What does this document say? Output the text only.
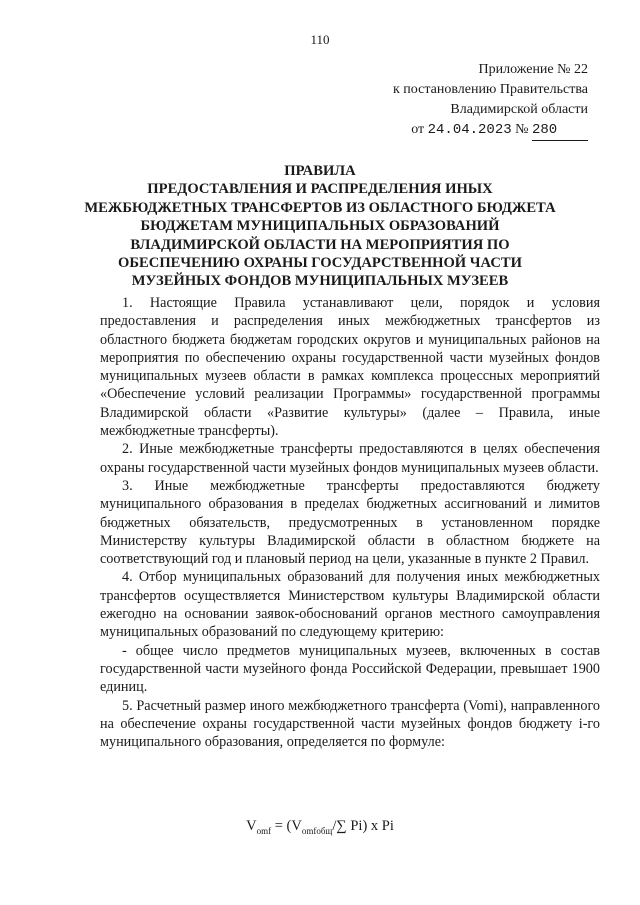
110
Приложение № 22
к постановлению Правительства
Владимирской области
от 24.04.2023 № 280
ПРАВИЛА
ПРЕДОСТАВЛЕНИЯ И РАСПРЕДЕЛЕНИЯ ИНЫХ
МЕЖБЮДЖЕТНЫХ ТРАНСФЕРТОВ ИЗ ОБЛАСТНОГО БЮДЖЕТА
БЮДЖЕТАМ МУНИЦИПАЛЬНЫХ ОБРАЗОВАНИЙ
ВЛАДИМИРСКОЙ ОБЛАСТИ НА МЕРОПРИЯТИЯ ПО
ОБЕСПЕЧЕНИЮ ОХРАНЫ ГОСУДАРСТВЕННОЙ ЧАСТИ
МУЗЕЙНЫХ ФОНДОВ МУНИЦИПАЛЬНЫХ МУЗЕЕВ

1. Настоящие Правила устанавливают цели, порядок и условия предоставления и распределения иных межбюджетных трансфертов из областного бюджета бюджетам городских округов и муниципальных районов на мероприятия по обеспечению охраны государственной части музейных фондов муниципальных музеев области в рамках комплекса процессных мероприятий «Обеспечение условий реализации Программы» государственной программы Владимирской области «Развитие культуры» (далее – Правила, иные межбюджетные трансферты).

2. Иные межбюджетные трансферты предоставляются в целях обеспечения охраны государственной части музейных фондов муниципальных музеев области.

3. Иные межбюджетные трансферты предоставляются бюджету муниципального образования в пределах бюджетных ассигнований и лимитов бюджетных обязательств, предусмотренных в установленном порядке Министерству культуры Владимирской области в областном бюджете на соответствующий год и плановый период на цели, указанные в пункте 2 Правил.

4. Отбор муниципальных образований для получения иных межбюджетных трансфертов осуществляется Министерством культуры Владимирской области ежегодно на основании заявок-обоснований органов местного самоуправления муниципальных образований по следующему критерию:

- общее число предметов муниципальных музеев, включенных в состав государственной части музейного фонда Российской Федерации, превышает 1900 единиц.

5. Расчетный размер иного межбюджетного трансферта (Vomi), направленного на обеспечение охраны государственной части музейных фондов бюджету i-го муниципального образования, определяется по формуле:

$V_{omf} = (V_{omfобщ}/\sum$ Pi) x Pi
